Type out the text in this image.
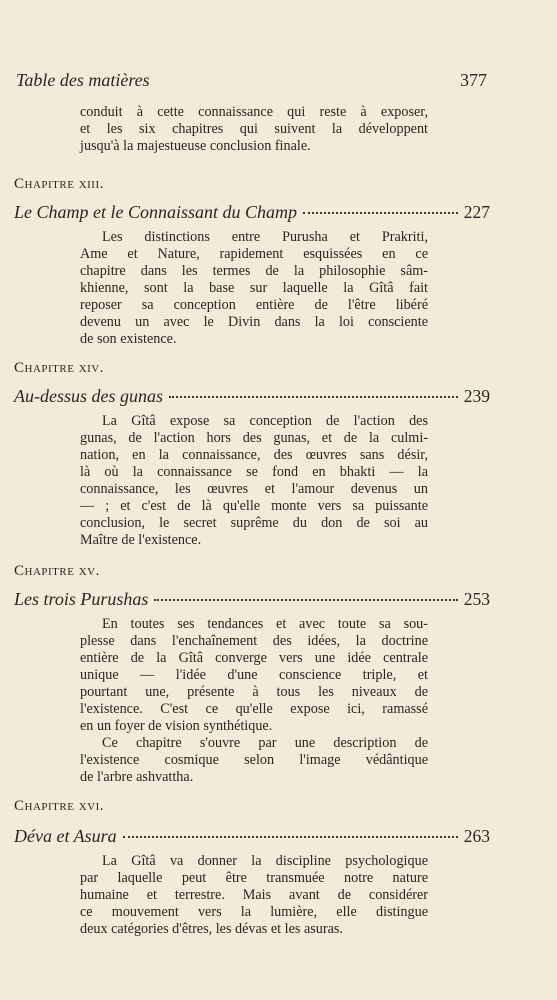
Table des matières	377
conduit à cette connaissance qui reste à exposer,
et les six chapitres qui suivent la développent
jusqu'à la majestueuse conclusion finale.
Chapitre xiii.
Le Champ et le Connaissant du Champ	227
Les distinctions entre Purusha et Prakriti,
Ame et Nature, rapidement esquissées en ce
chapitre dans les termes de la philosophie sâm-
khienne, sont la base sur laquelle la Gîtâ fait
reposer sa conception entière de l'être libéré
devenu un avec le Divin dans la loi consciente
de son existence.
Chapitre xiv.
Au-dessus des gunas	239
La Gîtâ expose sa conception de l'action des
gunas, de l'action hors des gunas, et de la culmi-
nation, en la connaissance, des œuvres sans désir,
là où la connaissance se fond en bhakti — la
connaissance, les œuvres et l'amour devenus un
— ; et c'est de là qu'elle monte vers sa puissante
conclusion, le secret suprême du don de soi au
Maître de l'existence.
Chapitre xv.
Les trois Purushas	253
En toutes ses tendances et avec toute sa sou-
plesse dans l'enchaînement des idées, la doctrine
entière de la Gîtâ converge vers une idée centrale
unique — l'idée d'une conscience triple, et
pourtant une, présente à tous les niveaux de
l'existence. C'est ce qu'elle expose ici, ramassé
en un foyer de vision synthétique.
Ce chapitre s'ouvre par une description de
l'existence cosmique selon l'image védântique
de l'arbre ashvattha.
Chapitre xvi.
Déva et Asura	263
La Gîtâ va donner la discipline psychologique
par laquelle peut être transmuée notre nature
humaine et terrestre. Mais avant de considérer
ce mouvement vers la lumière, elle distingue
deux catégories d'êtres, les dévas et les asuras.
